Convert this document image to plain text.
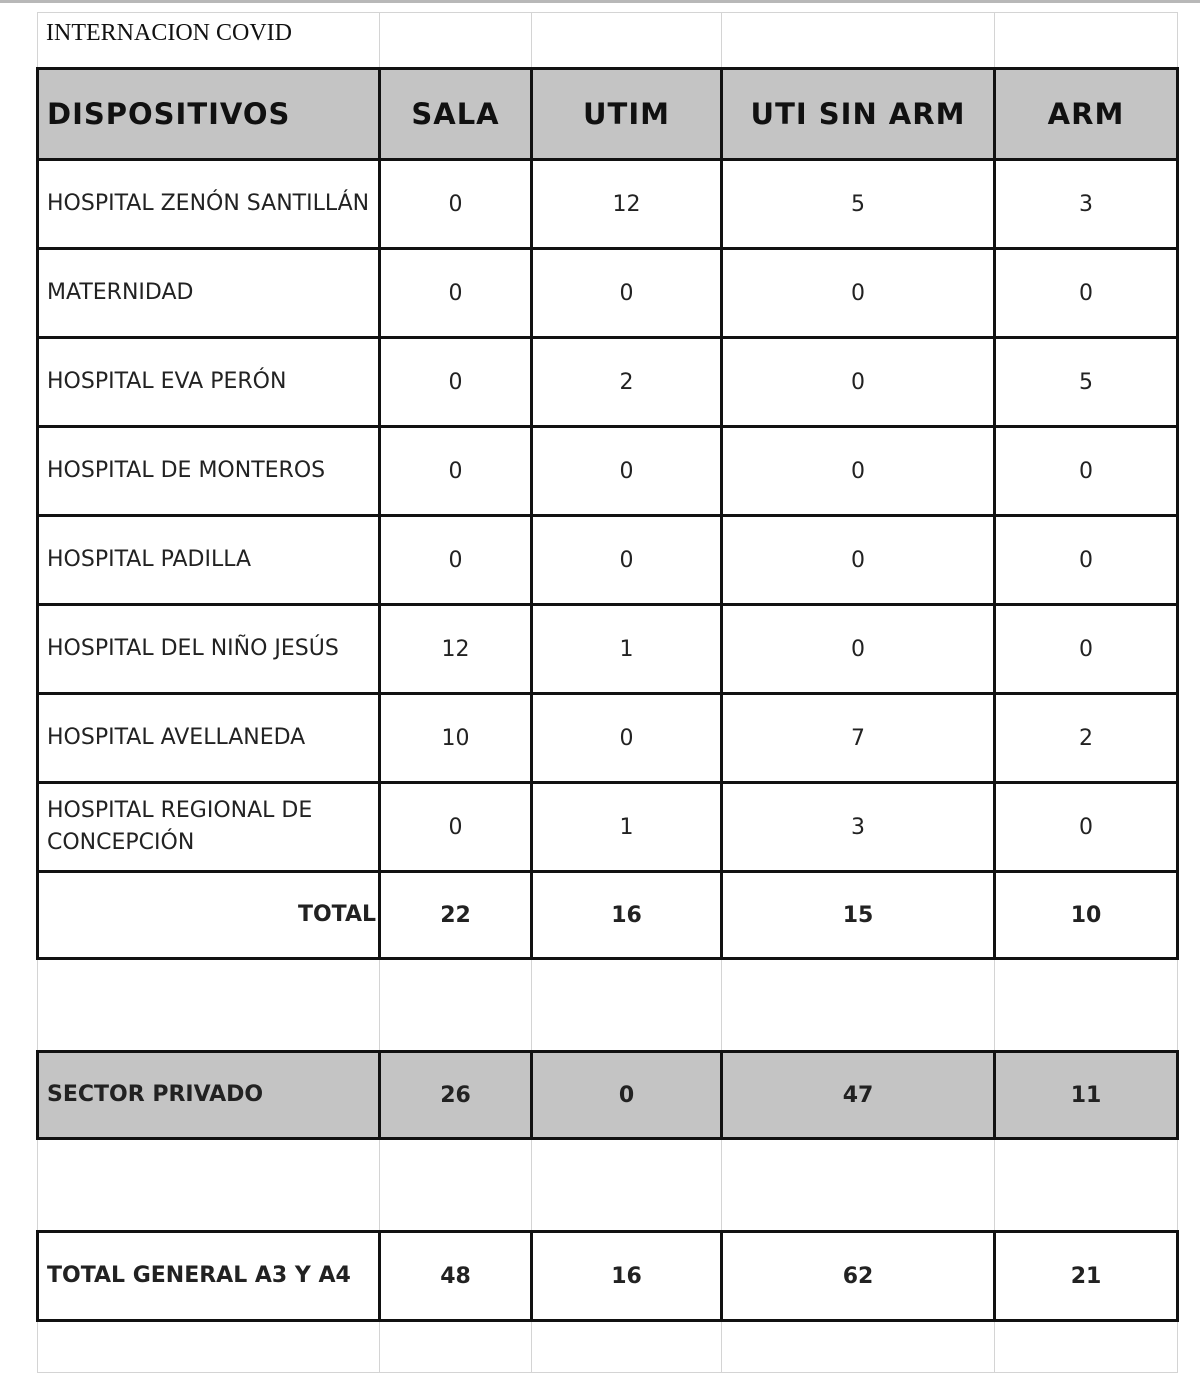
INTERNACION COVID				
DISPOSITIVOS	SALA	UTIM	UTI SIN ARM	ARM
HOSPITAL ZENÓN SANTILLÁN	0	12	5	3
MATERNIDAD	0	0	0	0
HOSPITAL EVA PERÓN	0	2	0	5
HOSPITAL DE MONTEROS	0	0	0	0
HOSPITAL PADILLA	0	0	0	0
HOSPITAL DEL NIÑO JESÚS	12	1	0	0
HOSPITAL AVELLANEDA	10	0	7	2
HOSPITAL REGIONAL DE CONCEPCIÓN	0	1	3	0
TOTAL	22	16	15	10

SECTOR PRIVADO	26	0	47	11

TOTAL GENERAL A3 Y A4	48	16	62	21
